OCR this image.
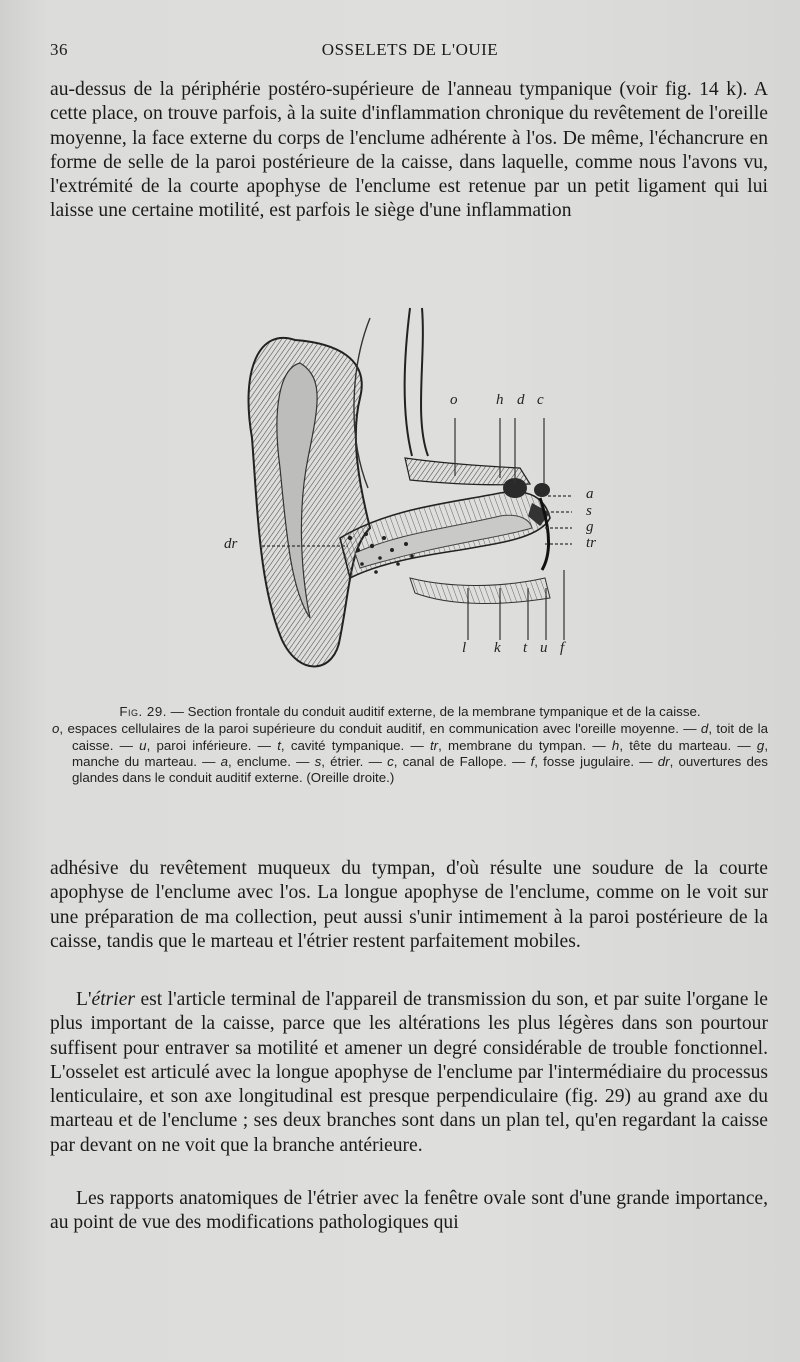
36	OSSELETS DE L'OUIE

au-dessus de la périphérie postéro-supérieure de l'anneau tympanique (voir fig. 14 k). A cette place, on trouve parfois, à la suite d'inflammation chronique du revêtement de l'oreille moyenne, la face externe du corps de l'enclume adhérente à l'os. De même, l'échancrure en forme de selle de la paroi postérieure de la caisse, dans laquelle, comme nous l'avons vu, l'extrémité de la courte apophyse de l'enclume est retenue par un petit ligament qui lui laisse une certaine motilité, est parfois le siège d'une inflammation

o	h d c
a
s
g
tr
dr
l k t u f

Fig. 29. — Section frontale du conduit auditif externe, de la membrane tympanique et de la caisse.

o, espaces cellulaires de la paroi supérieure du conduit auditif, en communication avec l'oreille moyenne. — d, toit de la caisse. — u, paroi inférieure. — t, cavité tympanique. — tr, membrane du tympan. — h, tête du marteau. — g, manche du marteau. — a, enclume. — s, étrier. — c, canal de Fallope. — f, fosse jugulaire. — dr, ouvertures des glandes dans le conduit auditif externe. (Oreille droite.)

adhésive du revêtement muqueux du tympan, d'où résulte une soudure de la courte apophyse de l'enclume avec l'os. La longue apophyse de l'enclume, comme on le voit sur une préparation de ma collection, peut aussi s'unir intimement à la paroi postérieure de la caisse, tandis que le marteau et l'étrier restent parfaitement mobiles.

L'étrier est l'article terminal de l'appareil de transmission du son, et par suite l'organe le plus important de la caisse, parce que les altérations les plus légères dans son pourtour suffisent pour entraver sa motilité et amener un degré considérable de trouble fonctionnel. L'osselet est articulé avec la longue apophyse de l'enclume par l'intermédiaire du processus lenticulaire, et son axe longitudinal est presque perpendiculaire (fig. 29) au grand axe du marteau et de l'enclume ; ses deux branches sont dans un plan tel, qu'en regardant la caisse par devant on ne voit que la branche antérieure.

Les rapports anatomiques de l'étrier avec la fenêtre ovale sont d'une grande importance, au point de vue des modifications pathologiques qui
